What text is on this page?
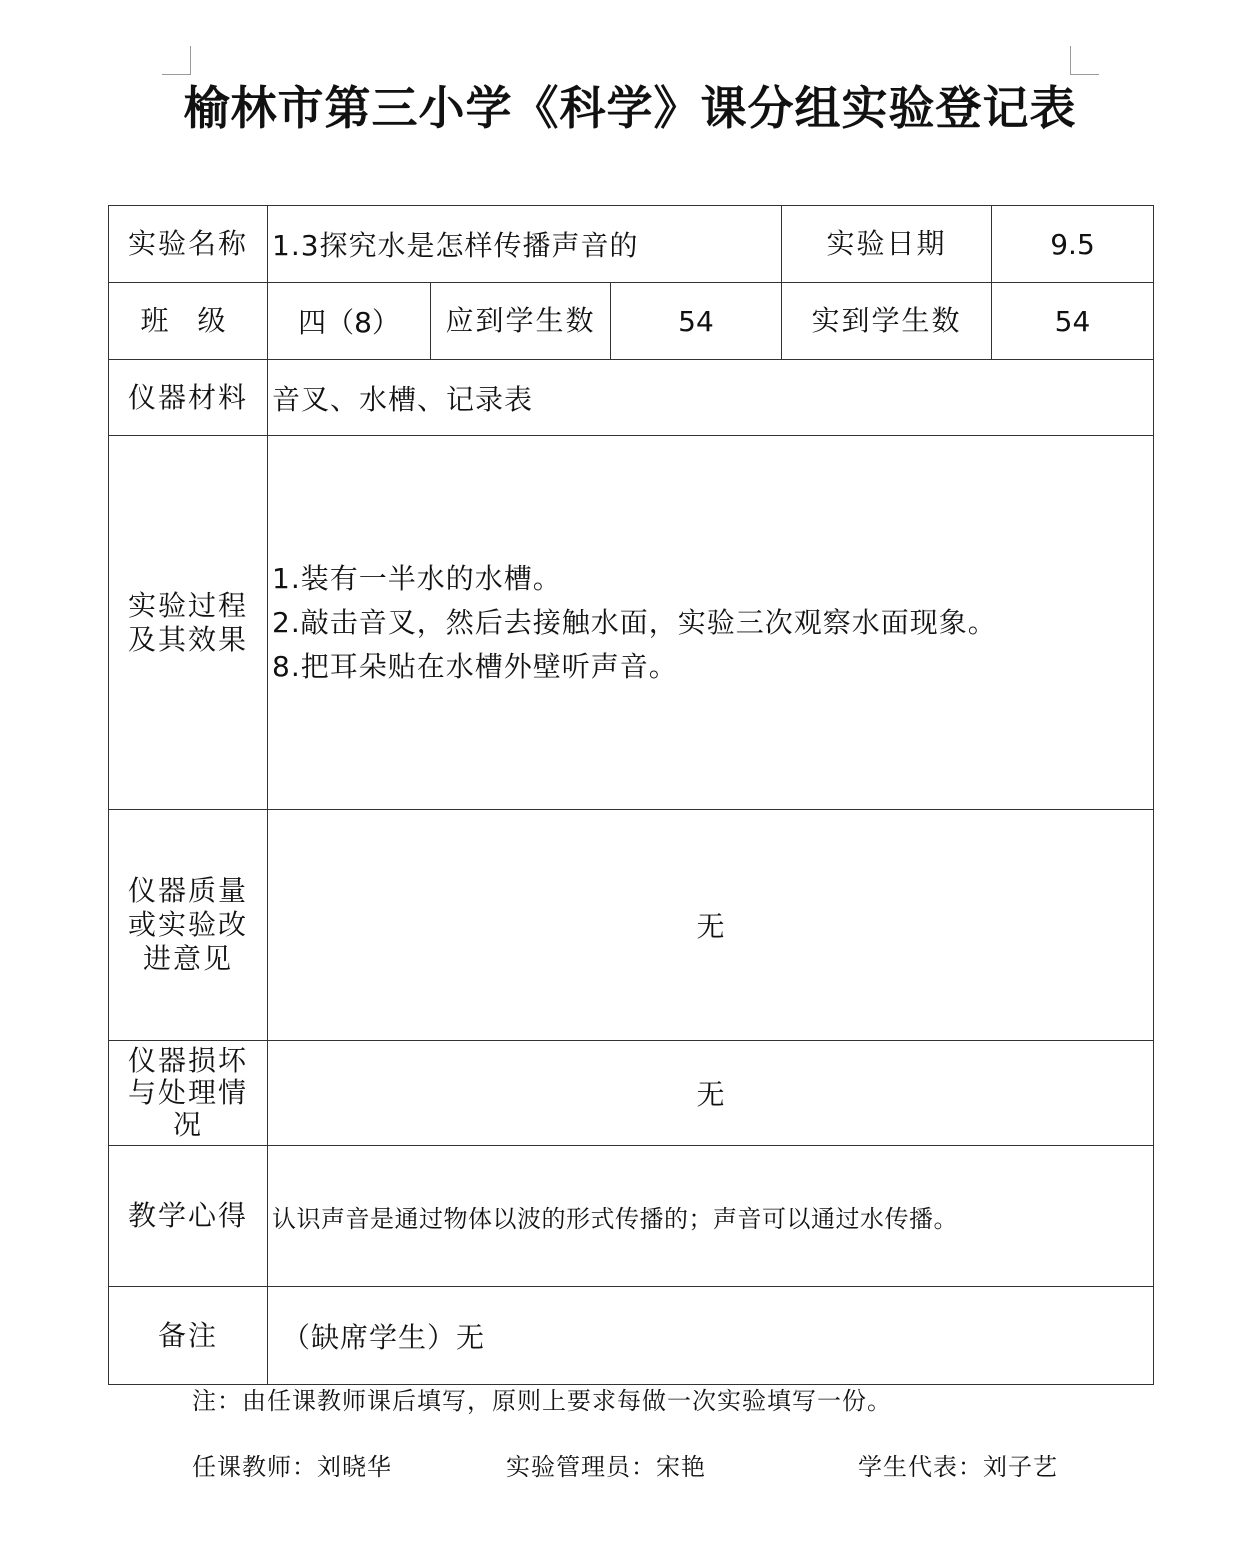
榆林市第三小学《科学》课分组实验登记表
实验名称	1.3探究水是怎样传播声音的			实验日期	9.5
班 级	四（8）	应到学生数	54	实到学生数	54
仪器材料	音叉、水槽、记录表				

实验过程及其效果	1.装有一半水的水槽。
2.敲击音叉，然后去接触水面，实验三次观察水面现象。
8.把耳朵贴在水槽外壁听声音。				

仪器质量或实验改进意见	无				

仪器损坏与处理情况	无				
教学心得	认识声音是通过物体以波的形式传播的；声音可以通过水传播。				
备注	（缺席学生）无				
注：由任课教师课后填写，原则上要求每做一次实验填写一份。
任课教师：刘晓华	实验管理员：宋艳	学生代表：刘子艺
